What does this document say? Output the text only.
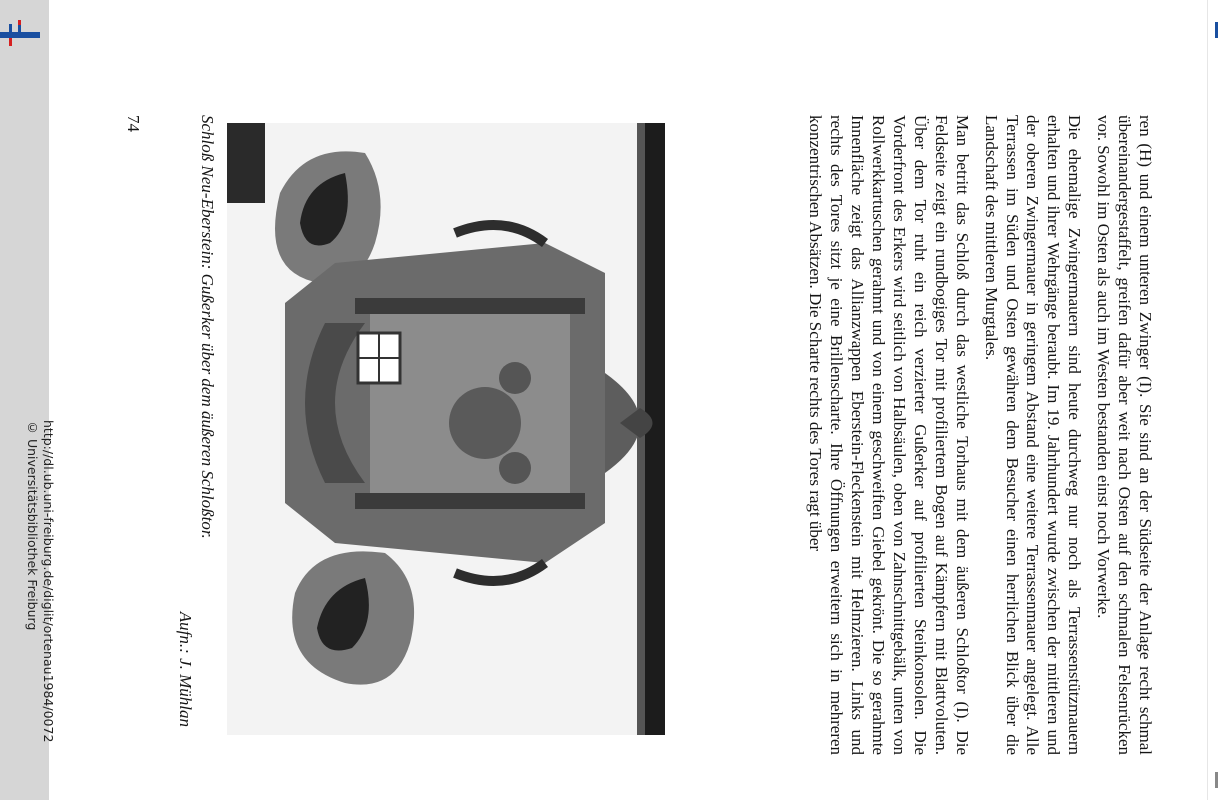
http://dl.ub.uni-freiburg.de/diglit/ortenau1984/0072
© Universitätsbibliothek Freiburg	ren (H) und einem unteren Zwinger (I). Sie sind an der Südseite der Anlage recht schmal übereinandergestaffelt, greifen dafür aber weit nach Osten auf den schmalen Felsenrücken vor. Sowohl im Osten als auch im Westen bestanden einst noch Vorwerke.

Die ehemalige Zwingermauern sind heute durchweg nur noch als Terrassenstützmauern erhalten und ihrer Wehrgänge beraubt. Im 19. Jahrhundert wurde zwischen der mittleren und der oberen Zwingermauer in geringem Abstand eine weitere Terrassenmauer angelegt. Alle Terrassen im Süden und Osten gewähren dem Besucher einen herrlichen Blick über die Landschaft des mittleren Murgtales.

Man betritt das Schloß durch das westliche Torhaus mit dem äußeren Schloßtor (I). Die Feldseite zeigt ein rundbogiges Tor mit profiliertem Bogen auf Kämpfern mit Blattvoluten. Über dem Tor ruht ein reich verzierter Gußerker auf profilierten Steinkonsolen. Die Vorderfront des Erkers wird seitlich von Halbsäulen, oben von Zahnschnittgebälk, unten von Rollwerkkartuschen gerahmt und von einem geschweiften Giebel gekrönt. Die so gerahmte Innenfläche zeigt das Allianzwappen Eberstein-Fleckenstein mit Helmzieren. Links und rechts des Tores sitzt je eine Brillenscharte. Ihre Öffnungen erweitern sich in mehreren konzentrischen Absätzen. Die Scharte rechts des Tores ragt über

Schloß Neu-Eberstein: Gußerker über dem äußeren Schloßtor.
Aufn.: J. Mühlan
74
